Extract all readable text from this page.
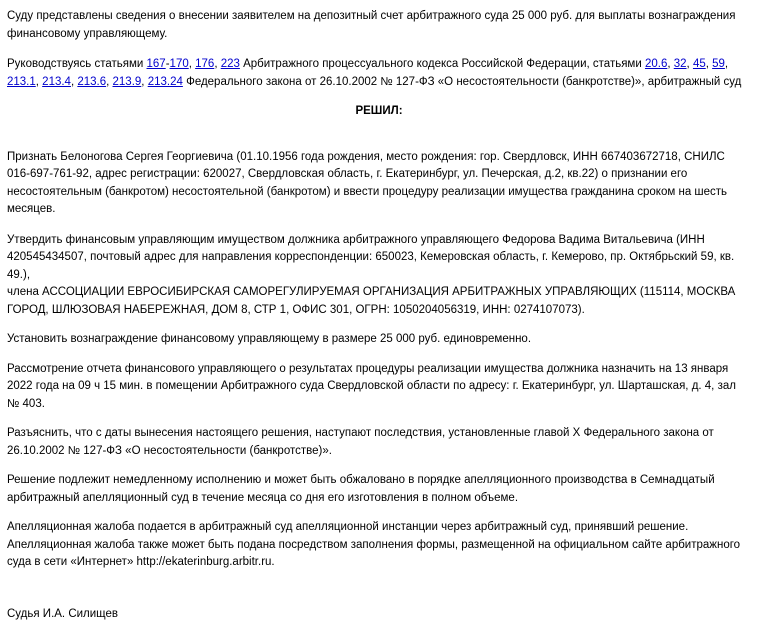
Суду представлены сведения о внесении заявителем на депозитный счет арбитражного суда 25 000 руб. для выплаты вознаграждения финансовому управляющему.

Руководствуясь статьями 167-170, 176, 223 Арбитражного процессуального кодекса Российской Федерации, статьями 20.6, 32, 45, 59, 213.1, 213.4, 213.6, 213.9, 213.24 Федерального закона от 26.10.2002 № 127-ФЗ «О несостоятельности (банкротстве)», арбитражный суд

РЕШИЛ:

Признать Белоногова Сергея Георгиевича (01.10.1956 года рождения, место рождения: гор. Свердловск, ИНН 667403672718, СНИЛС 016-697-761-92, адрес регистрации: 620027, Свердловская область, г. Екатеринбург, ул. Печерская, д.2, кв.22) о признании его несостоятельным (банкротом) несостоятельной (банкротом) и ввести процедуру реализации имущества гражданина сроком на шесть
месяцев.

Утвердить финансовым управляющим имуществом должника арбитражного управляющего Федорова Вадима Витальевича (ИНН 420545434507, почтовый адрес для направления корреспонденции: 650023, Кемеровская область, г. Кемерово, пр. Октябрьский 59, кв. 49.),
члена АССОЦИАЦИИ ЕВРОСИБИРСКАЯ САМОРЕГУЛИРУЕМАЯ ОРГАНИЗАЦИЯ АРБИТРАЖНЫХ УПРАВЛЯЮЩИХ (115114, МОСКВА ГОРОД, ШЛЮЗОВАЯ НАБЕРЕЖНАЯ, ДОМ 8, СТР 1, ОФИС 301, ОГРН: 1050204056319, ИНН: 0274107073).

Установить вознаграждение финансовому управляющему в размере 25 000 руб. единовременно.

Рассмотрение отчета финансового управляющего о результатах процедуры реализации имущества должника назначить на 13 января 2022 года на 09 ч 15 мин. в помещении Арбитражного суда Свердловской области по адресу: г. Екатеринбург, ул. Шарташская, д. 4, зал № 403.

Разъяснить, что с даты вынесения настоящего решения, наступают последствия, установленные главой X Федерального закона от 26.10.2002 № 127-ФЗ «О несостоятельности (банкротстве)».

Решение подлежит немедленному исполнению и может быть обжаловано в порядке апелляционного производства в Семнадцатый арбитражный апелляционный суд в течение месяца со дня его изготовления в полном объеме.

Апелляционная жалоба подается в арбитражный суд апелляционной инстанции через арбитражный суд, принявший решение.
Апелляционная жалоба также может быть подана посредством заполнения формы, размещенной на официальном сайте арбитражного суда в сети «Интернет» http://ekaterinburg.arbitr.ru.

Судья И.А. Силищев
